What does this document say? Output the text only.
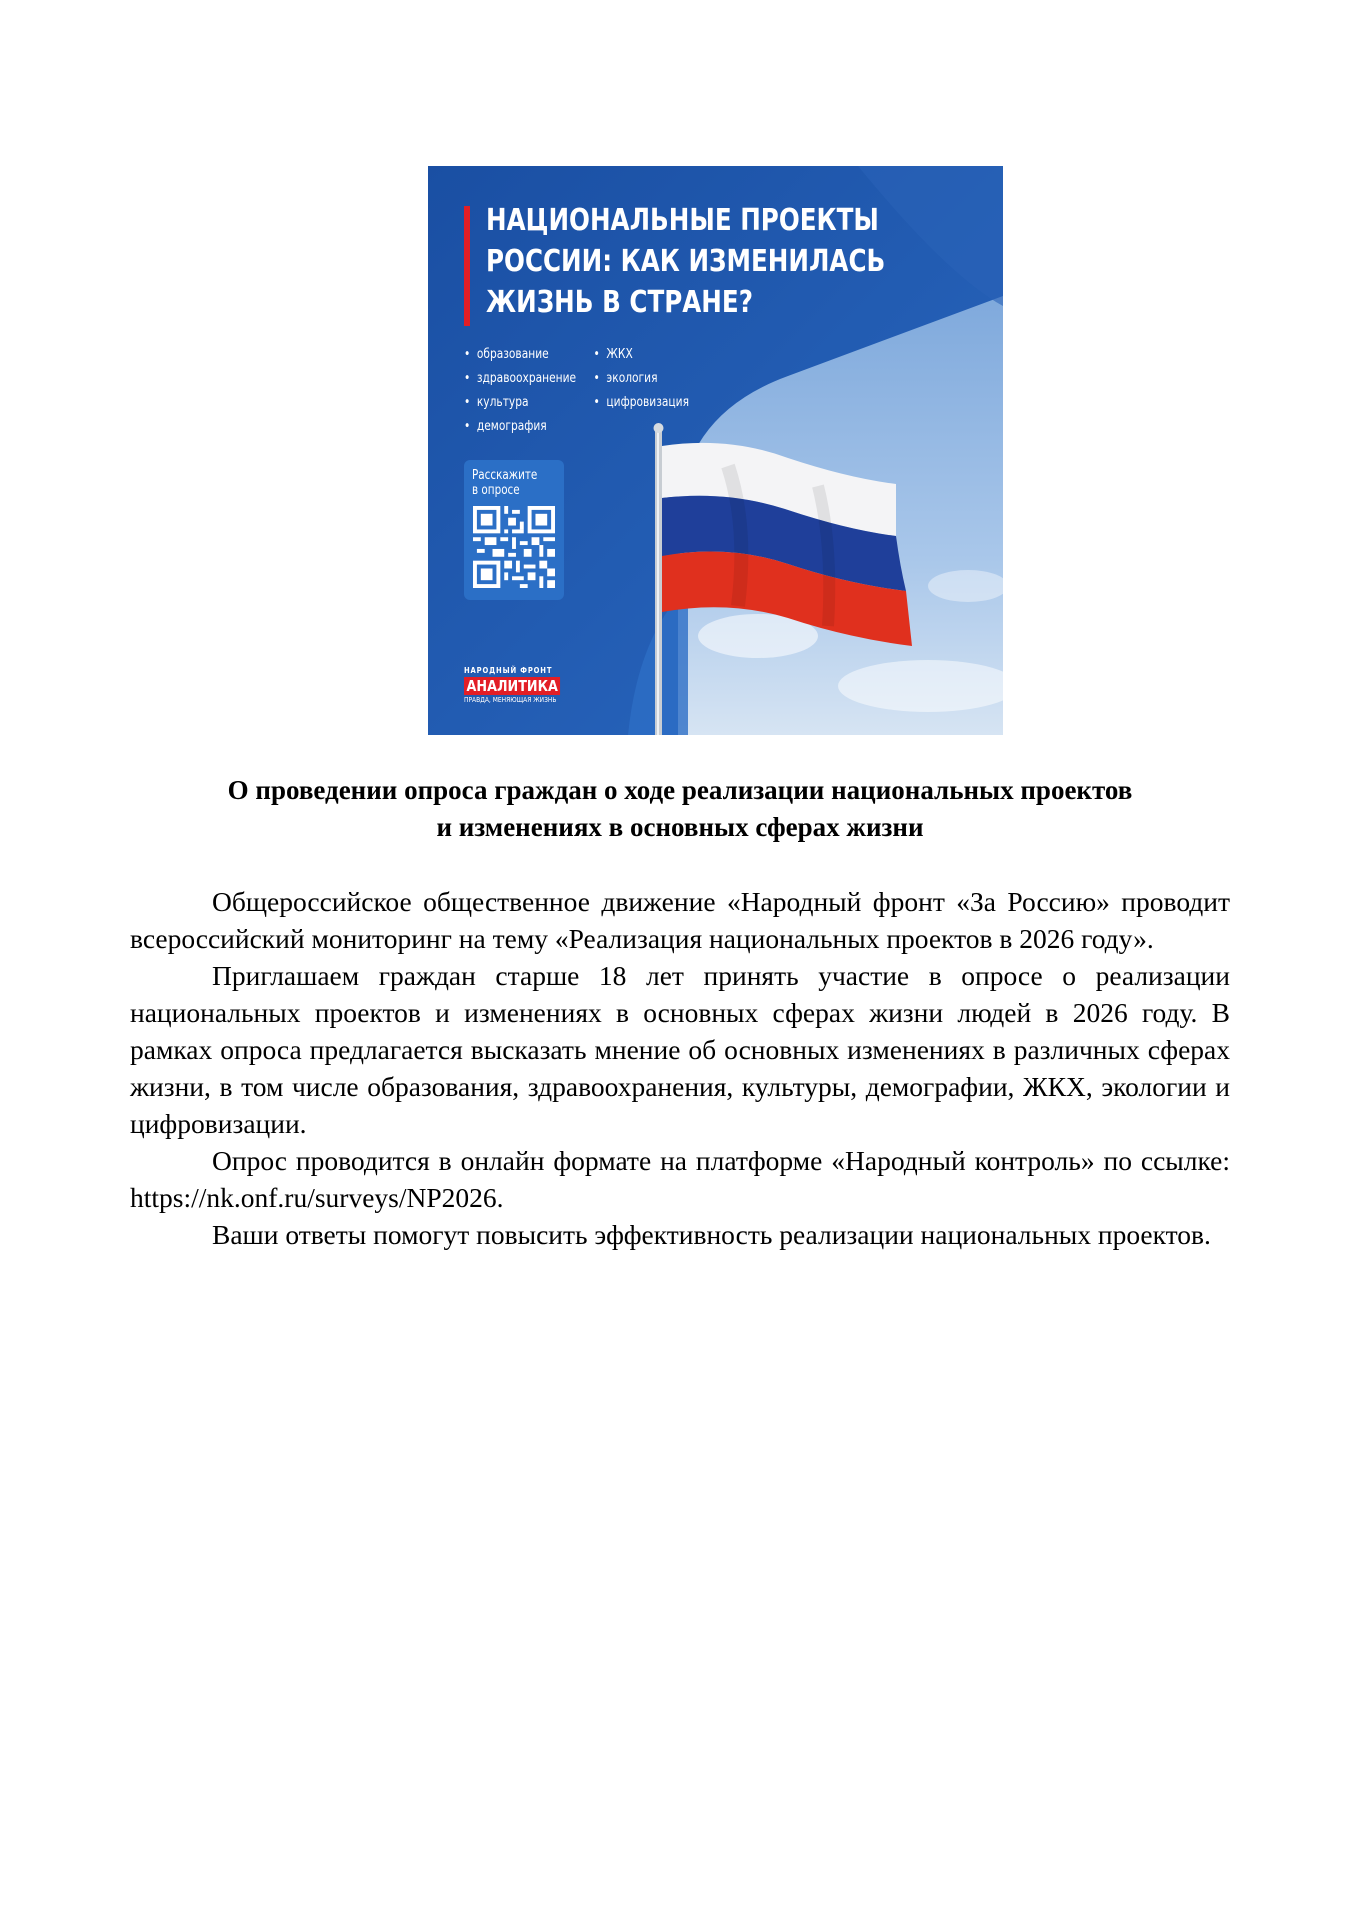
НАЦИОНАЛЬНЫЕ ПРОЕКТЫ
РОССИИ: КАК ИЗМЕНИЛАСЬ
ЖИЗНЬ В СТРАНЕ?
• образование
• здравоохранение
• культура
• демография
• ЖКХ
• экология
• цифровизация
Расскажите
в опросе
НАРОДНЫЙ ФРОНТ
АНАЛИТИКА
ПРАВДА, МЕНЯЮЩАЯ ЖИЗНЬ
О проведении опроса граждан о ходе реализации национальных проектов
и изменениях в основных сферах жизни

Общероссийское общественное движение «Народный фронт «За Россию» проводит всероссийский мониторинг на тему «Реализация национальных проектов в 2026 году».

Приглашаем граждан старше 18 лет принять участие в опросе о реализации национальных проектов и изменениях в основных сферах жизни людей в 2026 году. В рамках опроса предлагается высказать мнение об основных изменениях в различных сферах жизни, в том числе образования, здравоохранения, культуры, демографии, ЖКХ, экологии и цифровизации.

Опрос проводится в онлайн формате на платформе «Народный контроль» по ссылке: https://nk.onf.ru/surveys/NP2026.

Ваши ответы помогут повысить эффективность реализации национальных проектов.
